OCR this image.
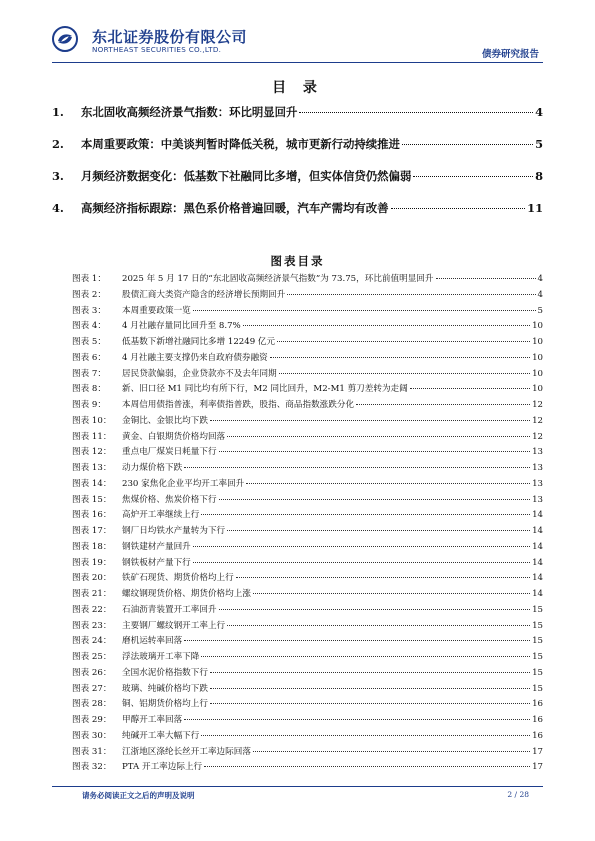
东北证券股份有限公司
NORTHEAST SECURITIES CO.,LTD.	债券研究报告
目 录
1.	东北固收高频经济景气指数：环比明显回升	4
2.	本周重要政策：中美谈判暂时降低关税，城市更新行动持续推进	5
3.	月频经济数据变化：低基数下社融同比多增，但实体信贷仍然偏弱	8
4.	高频经济指标跟踪：黑色系价格普遍回暖，汽车产需均有改善	11
图表目录
图表 1：	2025 年 5 月 17 日的“东北固收高频经济景气指数”为 73.75，环比前值明显回升	4
图表 2：	股债汇商大类资产隐含的经济增长预期回升	4
图表 3：	本周重要政策一览	5
图表 4：	4 月社融存量同比回升至 8.7%	10
图表 5：	低基数下新增社融同比多增 12249 亿元	10
图表 6：	4 月社融主要支撑仍来自政府债券融资	10
图表 7：	居民贷款偏弱，企业贷款亦不及去年同期	10
图表 8：	新、旧口径 M1 同比均有所下行，M2 同比回升，M2-M1 剪刀差转为走阔	10
图表 9：	本周信用债指普涨，利率债指普跌，股指、商品指数涨跌分化	12
图表 10：	金铜比、金银比均下跌	12
图表 11：	黄金、白银期货价格均回落	12
图表 12：	重点电厂煤炭日耗量下行	13
图表 13：	动力煤价格下跌	13
图表 14：	230 家焦化企业平均开工率回升	13
图表 15：	焦煤价格、焦炭价格下行	13
图表 16：	高炉开工率继续上行	14
图表 17：	钢厂日均铁水产量转为下行	14
图表 18：	钢铁建材产量回升	14
图表 19：	钢铁板材产量下行	14
图表 20：	铁矿石现货、期货价格均上行	14
图表 21：	螺纹钢现货价格、期货价格均上涨	14
图表 22：	石油沥青装置开工率回升	15
图表 23：	主要钢厂螺纹钢开工率上行	15
图表 24：	磨机运转率回落	15
图表 25：	浮法玻璃开工率下降	15
图表 26：	全国水泥价格指数下行	15
图表 27：	玻璃、纯碱价格均下跌	15
图表 28：	铜、铝期货价格均上行	16
图表 29：	甲醇开工率回落	16
图表 30：	纯碱开工率大幅下行	16
图表 31：	江浙地区涤纶长丝开工率边际回落	17
图表 32：	PTA 开工率边际上行	17
请务必阅读正文之后的声明及说明	2 / 28
